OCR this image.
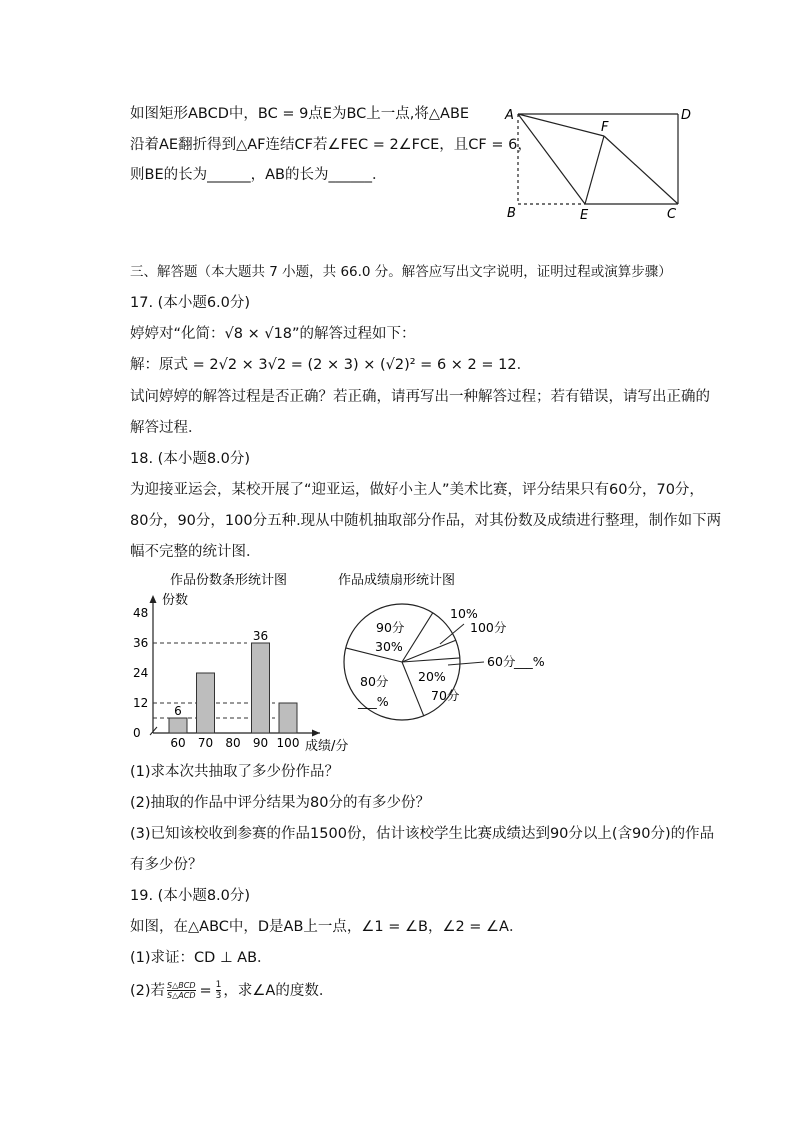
如图矩形ABCD中，BC = 9点E为BC上一点,将△ABE
沿着AE翻折得到△AF连结CF若∠FEC = 2∠FCE，且CF = 6，
则BE的长为______，AB的长为______．
A	D
F
B	E	C
三、解答题（本大题共 7 小题，共 66.0 分。解答应写出文字说明，证明过程或演算步骤）
17. (本小题6.0分)
婷婷对“化简：√8 × √18”的解答过程如下：
解：原式 = 2√2 × 3√2 = (2 × 3) × (√2)² = 6 × 2 = 12．
试问婷婷的解答过程是否正确？若正确，请再写出一种解答过程；若有错误，请写出正确的
解答过程．
18. (本小题8.0分)
为迎接亚运会，某校开展了“迎亚运，做好小主人”美术比赛，评分结果只有60分，70分，
80分，90分，100分五种.现从中随机抽取部分作品，对其份数及成绩进行整理，制作如下两
幅不完整的统计图．
作品份数条形统计图
份数
成绩/分
0
12
24
36
48
60
6
70 80 90
36
100
作品成绩扇形统计图
90分
30%
100分
10%
60分
___%
70分
20%
80分
___%
(1)求本次共抽取了多少份作品？
(2)抽取的作品中评分结果为80分的有多少份？
(3)已知该校收到参赛的作品1500份，估计该校学生比赛成绩达到90分以上(含90分)的作品
有多少份？
19. (本小题8.0分)
如图，在△ABC中，D是AB上一点，∠1 = ∠B，∠2 = ∠A．
(1)求证：CD ⊥ AB．
(2)若 S△BCD
S△ACD = 1
3 ，求∠A的度数．
